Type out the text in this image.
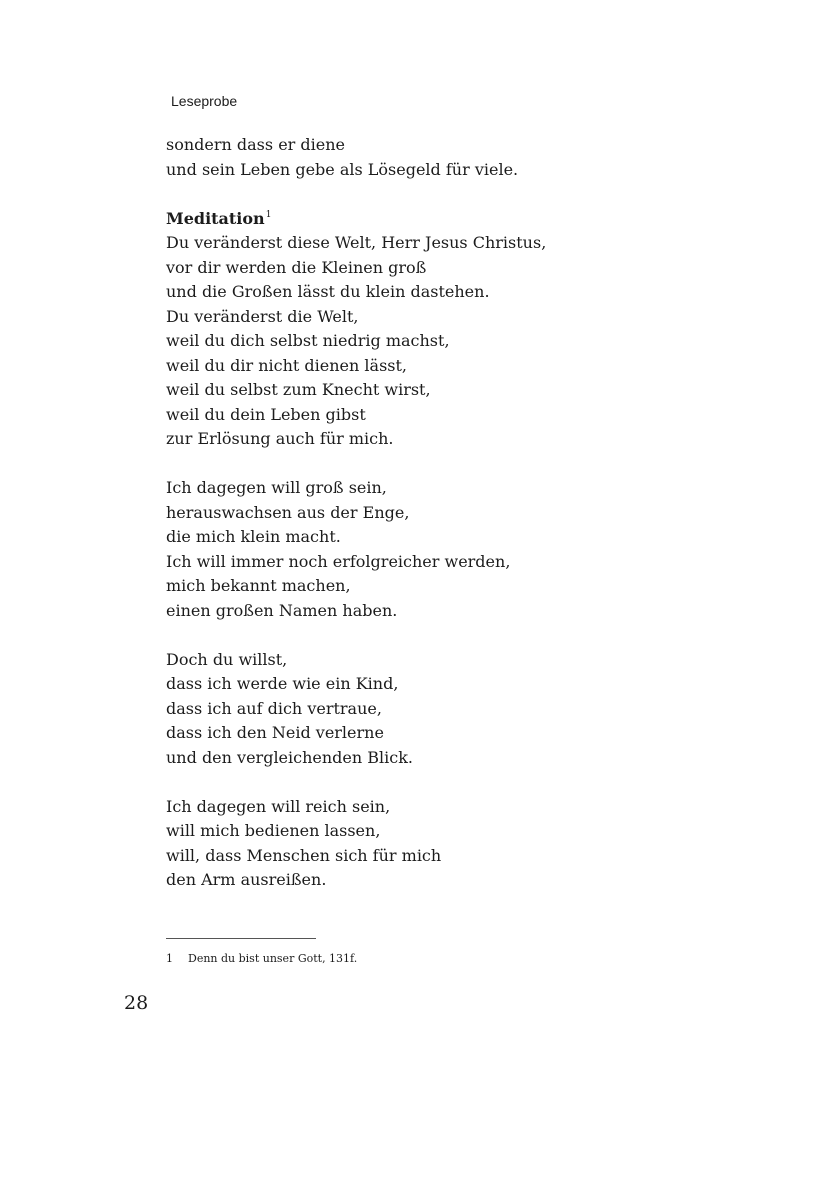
Leseprobe
sondern dass er diene
und sein Leben gebe als Lösegeld für viele.
Meditation$^1$
Du veränderst diese Welt, Herr Jesus Christus,
vor dir werden die Kleinen groß
und die Großen lässt du klein dastehen.
Du veränderst die Welt,
weil du dich selbst niedrig machst,
weil du dir nicht dienen lässt,
weil du selbst zum Knecht wirst,
weil du dein Leben gibst
zur Erlösung auch für mich.
Ich dagegen will groß sein,
herauswachsen aus der Enge,
die mich klein macht.
Ich will immer noch erfolgreicher werden,
mich bekannt machen,
einen großen Namen haben.
Doch du willst,
dass ich werde wie ein Kind,
dass ich auf dich vertraue,
dass ich den Neid verlerne
und den vergleichenden Blick.
Ich dagegen will reich sein,
will mich bedienen lassen,
will, dass Menschen sich für mich
den Arm ausreißen.
1 Denn du bist unser Gott, 131f.
28
